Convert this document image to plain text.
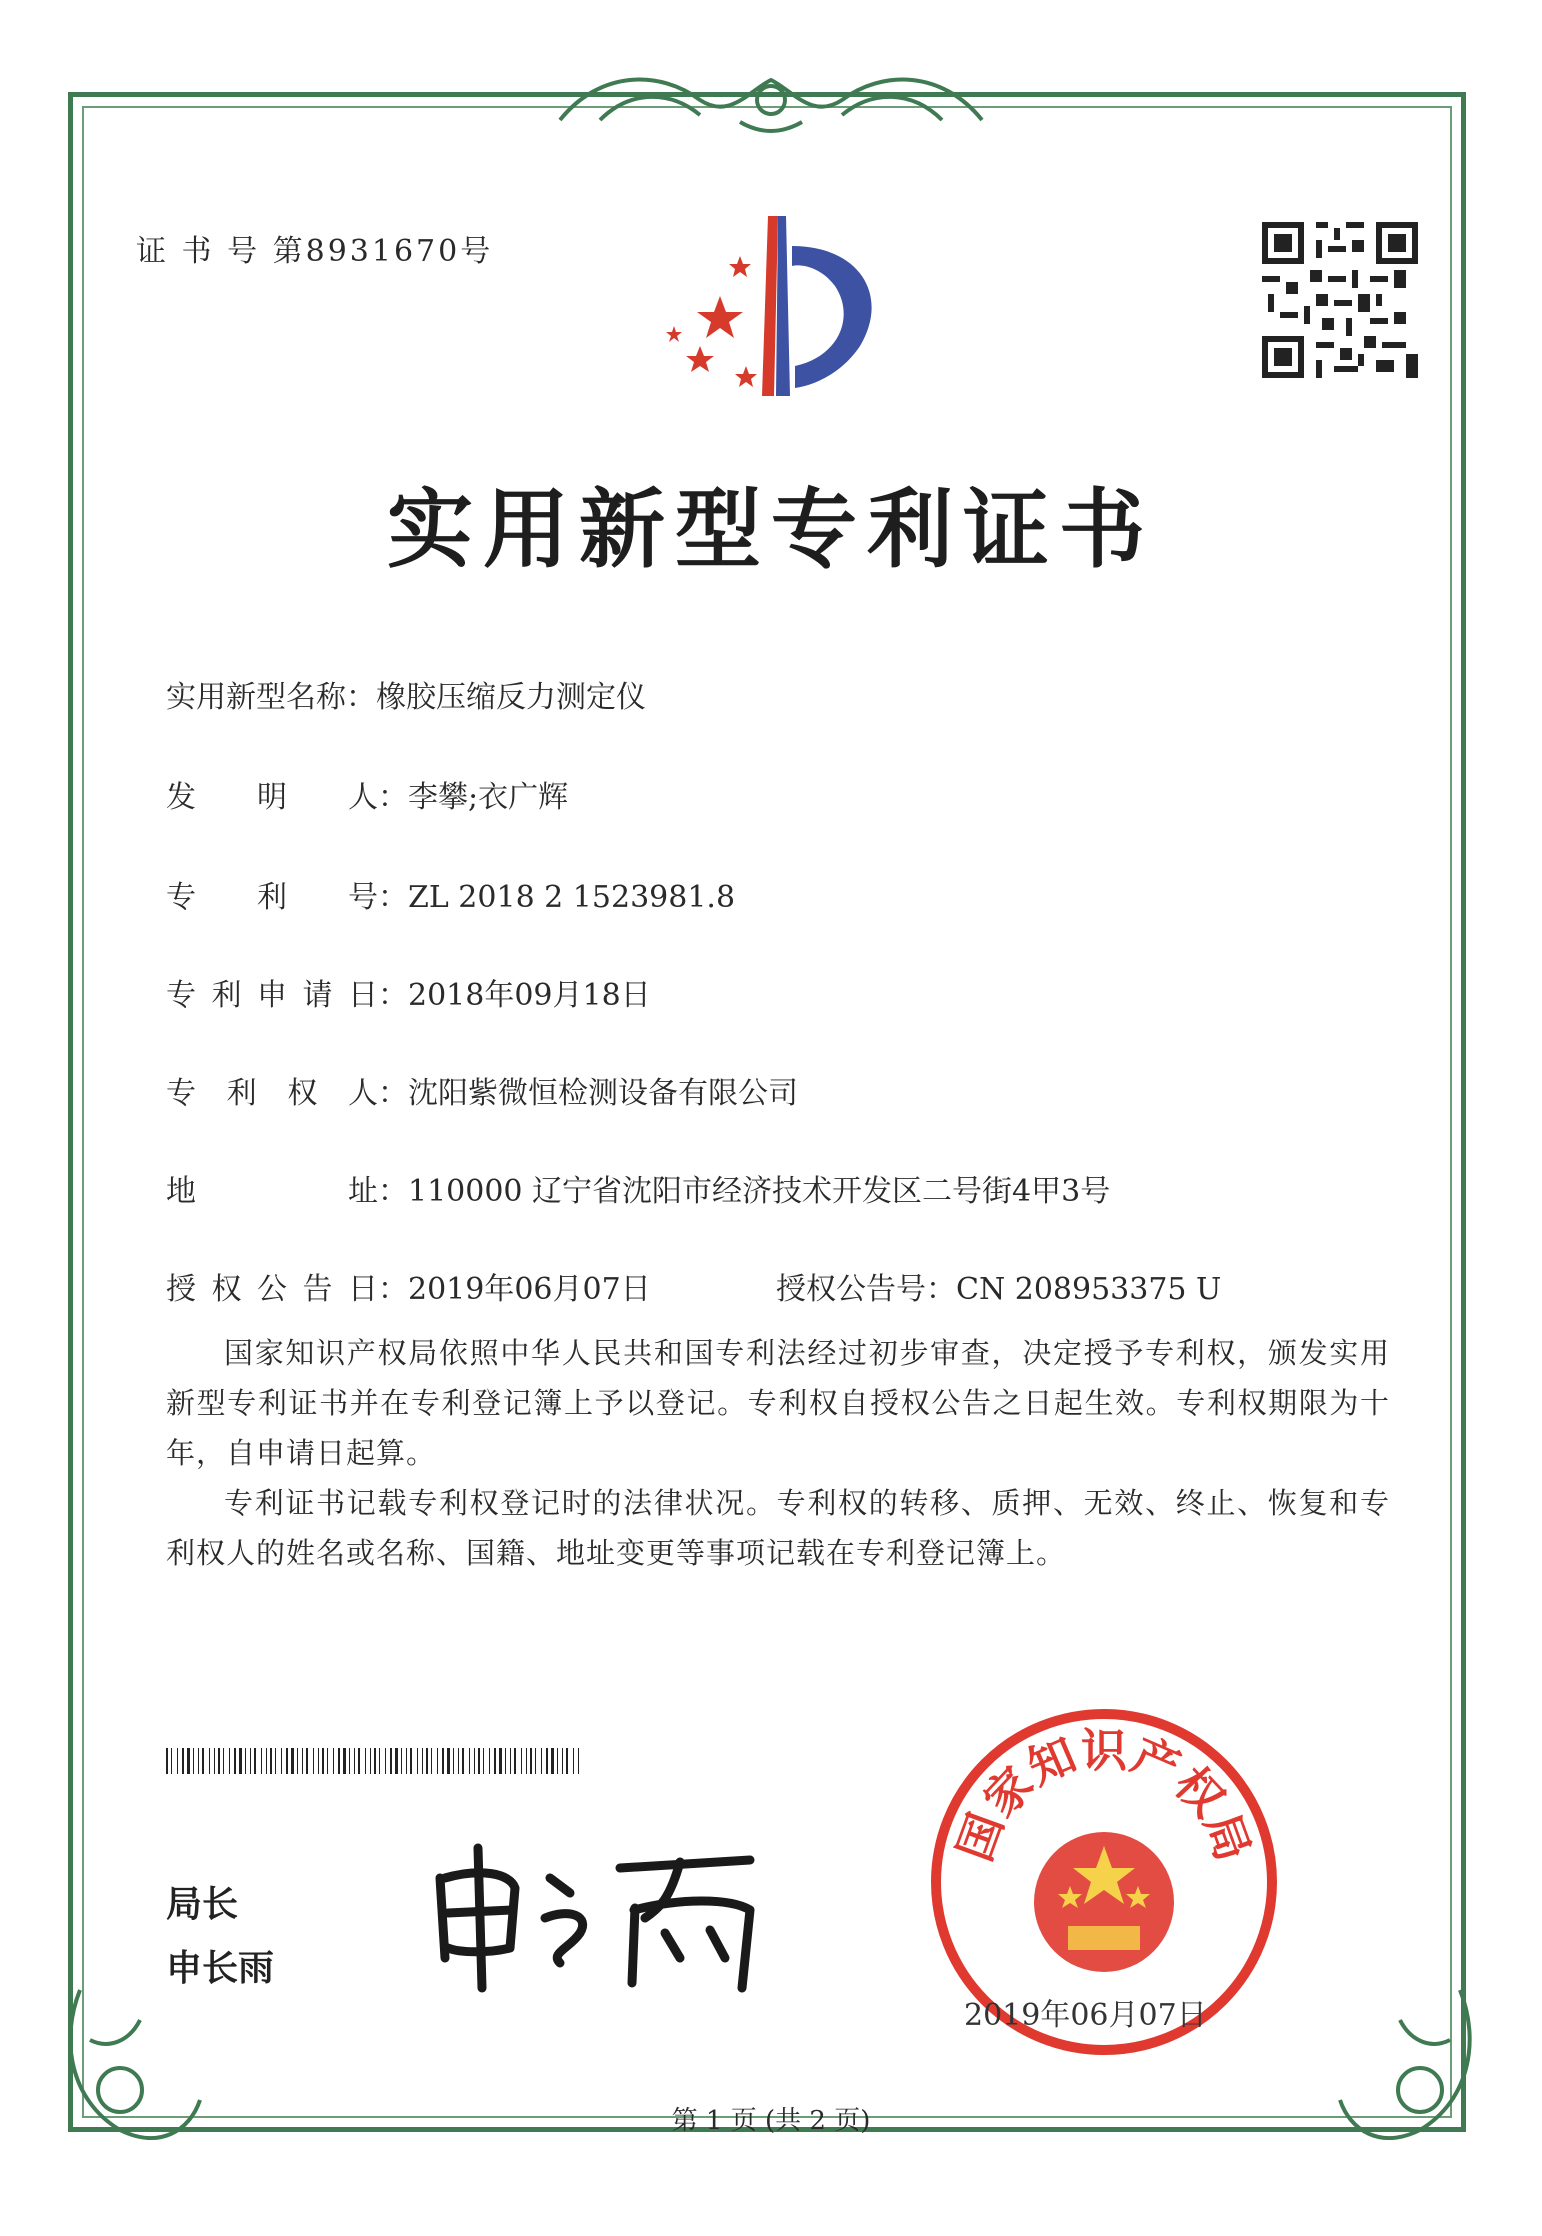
证 书 号 第8931670号
实用新型专利证书
实用新型名称：橡胶压缩反力测定仪
发明人：李攀;衣广辉
专利号：ZL 2018 2 1523981.8
专利申请日：2018年09月18日
专利权人：沈阳紫微恒检测设备有限公司
地址：110000 辽宁省沈阳市经济技术开发区二号街4甲3号
授权公告日：2019年06月07日	授权公告号：CN 208953375 U

国家知识产权局依照中华人民共和国专利法经过初步审查，决定授予专利权，颁发实用新型专利证书并在专利登记簿上予以登记。专利权自授权公告之日起生效。专利权期限为十年，自申请日起算。

专利证书记载专利权登记时的法律状况。专利权的转移、质押、无效、终止、恢复和专利权人的姓名或名称、国籍、地址变更等事项记载在专利登记簿上。

局长
申长雨
国
家
知
识
产
权
局
2019年06月07日
第 1 页 (共 2 页)
